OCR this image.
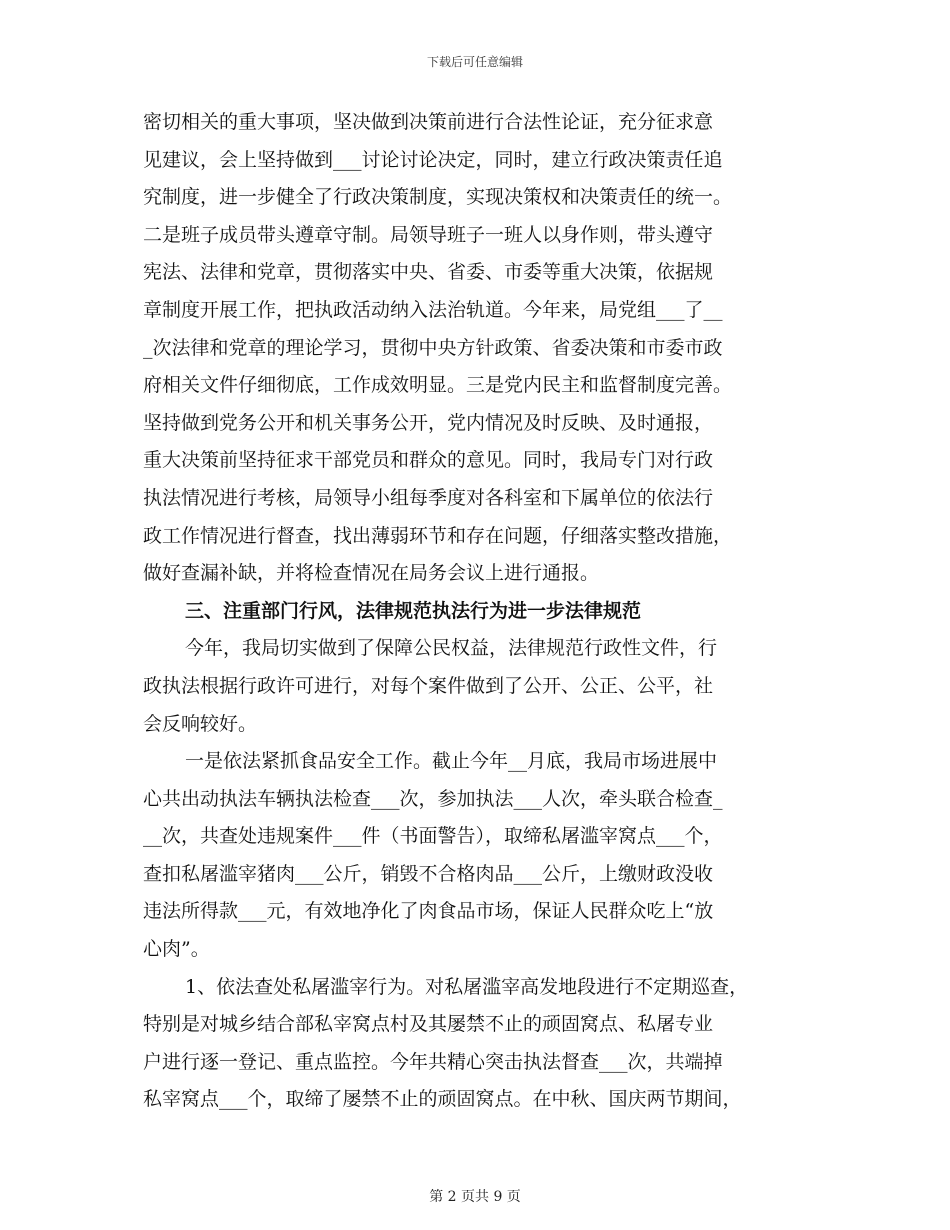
下载后可任意编辑
密切相关的重大事项，坚决做到决策前进行合法性论证，充分征求意
见建议，会上坚持做到___讨论讨论决定，同时，建立行政决策责任追
究制度，进一步健全了行政决策制度，实现决策权和决策责任的统一。
二是班子成员带头遵章守制。局领导班子一班人以身作则，带头遵守
宪法、法律和党章，贯彻落实中央、省委、市委等重大决策，依据规
章制度开展工作，把执政活动纳入法治轨道。今年来，局党组___了__
_次法律和党章的理论学习，贯彻中央方针政策、省委决策和市委市政
府相关文件仔细彻底，工作成效明显。三是党内民主和监督制度完善。
坚持做到党务公开和机关事务公开，党内情况及时反映、及时通报，
重大决策前坚持征求干部党员和群众的意见。同时，我局专门对行政
执法情况进行考核，局领导小组每季度对各科室和下属单位的依法行
政工作情况进行督查，找出薄弱环节和存在问题，仔细落实整改措施，
做好查漏补缺，并将检查情况在局务会议上进行通报。
三、注重部门行风，法律规范执法行为进一步法律规范
今年，我局切实做到了保障公民权益，法律规范行政性文件，行
政执法根据行政许可进行，对每个案件做到了公开、公正、公平，社
会反响较好。
一是依法紧抓食品安全工作。截止今年__月底，我局市场进展中
心共出动执法车辆执法检查___次，参加执法___人次，牵头联合检查_
__次，共查处违规案件___件（书面警告），取缔私屠滥宰窝点___个，
查扣私屠滥宰猪肉___公斤，销毁不合格肉品___公斤，上缴财政没收
违法所得款___元，有效地净化了肉食品市场，保证人民群众吃上“放
心肉”。
1、依法查处私屠滥宰行为。对私屠滥宰高发地段进行不定期巡查，
特别是对城乡结合部私宰窝点村及其屡禁不止的顽固窝点、私屠专业
户进行逐一登记、重点监控。今年共精心突击执法督查___次，共端掉
私宰窝点___个，取缔了屡禁不止的顽固窝点。在中秋、国庆两节期间，
第 2 页共 9 页
